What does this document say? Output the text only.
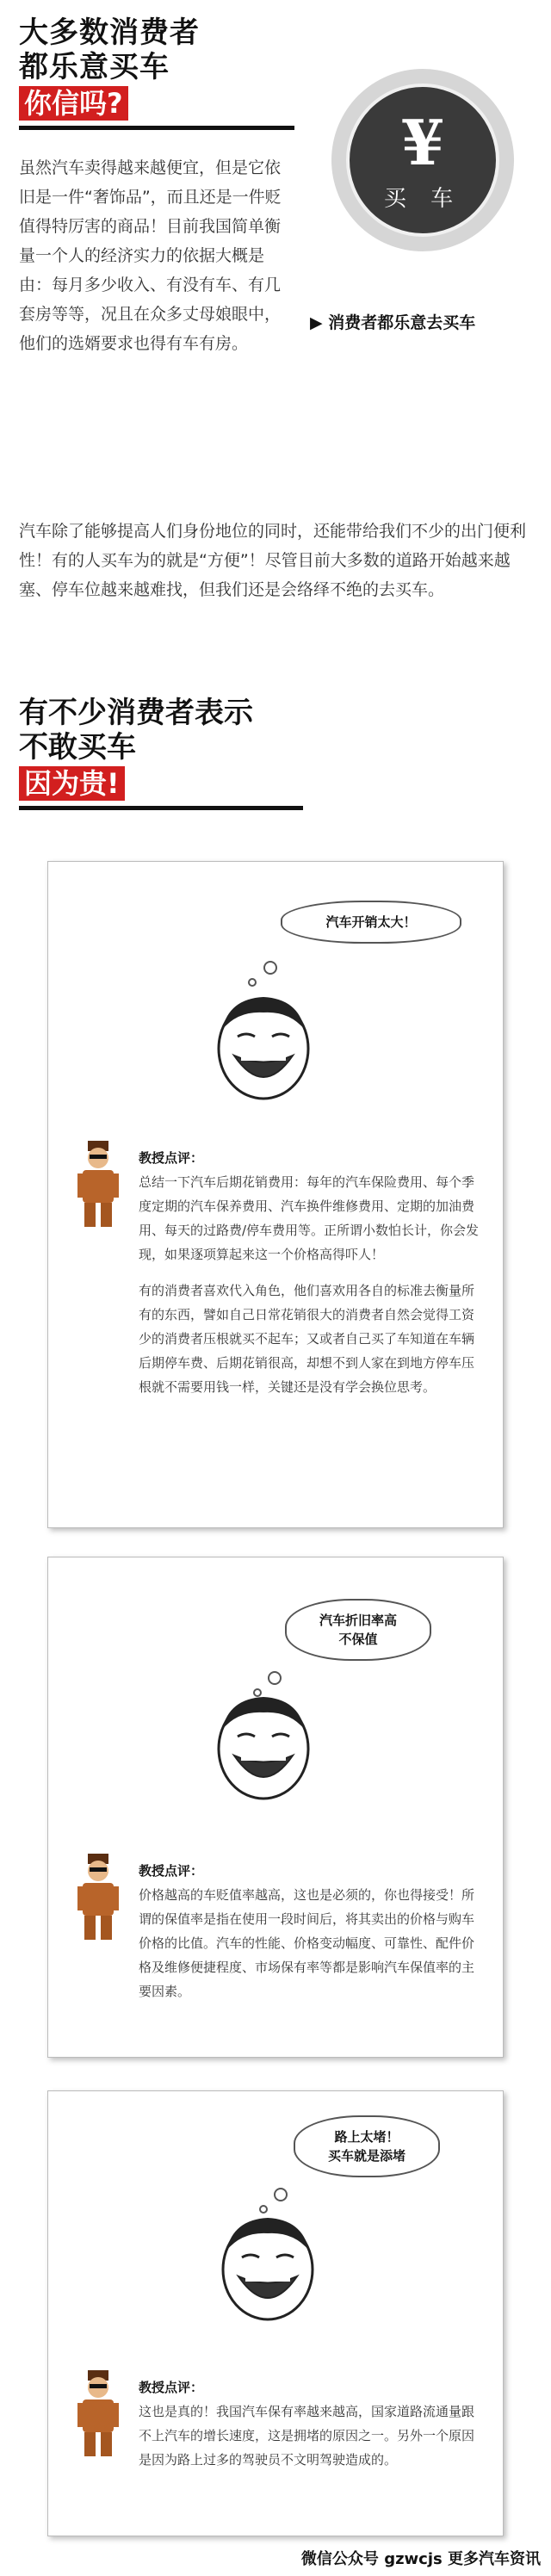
大多数消费者
都乐意买车
你信吗?
虽然汽车卖得越来越便宜，但是它依旧是一件“奢饰品”，而且还是一件贬值得特厉害的商品！目前我国简单衡量一个人的经济实力的依据大概是由：每月多少收入、有没有车、有几套房等等，况且在众多丈母娘眼中，他们的选婿要求也得有车有房。
¥
买 车
▶ 消费者都乐意去买车
汽车除了能够提高人们身份地位的同时，还能带给我们不少的出门便利性！有的人买车为的就是“方便”！尽管目前大多数的道路开始越来越塞、停车位越来越难找，但我们还是会络绎不绝的去买车。
有不少消费者表示
不敢买车
因为贵!
汽车开销太大！
教授点评：

总结一下汽车后期花销费用：每年的汽车保险费用、每个季度定期的汽车保养费用、汽车换件维修费用、定期的加油费用、每天的过路费/停车费用等。正所谓小数怕长计，你会发现，如果逐项算起来这一个价格高得吓人！

有的消费者喜欢代入角色，他们喜欢用各自的标准去衡量所有的东西，譬如自己日常花销很大的消费者自然会觉得工资少的消费者压根就买不起车；又或者自己买了车知道在车辆后期停车费、后期花销很高，却想不到人家在到地方停车压根就不需要用钱一样，关键还是没有学会换位思考。

汽车折旧率高
不保值
教授点评：

价格越高的车贬值率越高，这也是必须的，你也得接受！所谓的保值率是指在使用一段时间后，将其卖出的价格与购车价格的比值。汽车的性能、价格变动幅度、可靠性、配件价格及维修便捷程度、市场保有率等都是影响汽车保值率的主要因素。

路上太堵！
买车就是添堵
教授点评：

这也是真的！我国汽车保有率越来越高，国家道路流通量跟不上汽车的增长速度，这是拥堵的原因之一。另外一个原因是因为路上过多的驾驶员不文明驾驶造成的。

微信公众号 gzwcjs 更多汽车资讯
